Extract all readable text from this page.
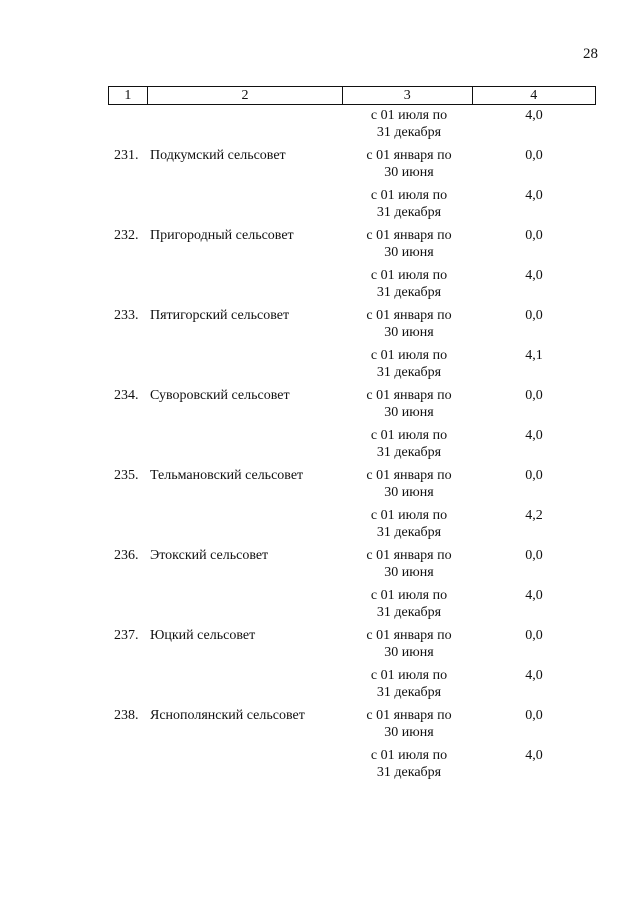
28
1	2	3	4
с 01 июля по	4,0
31 декабря
231. Подкумский сельсовет	с 01 января по	0,0
30 июня
с 01 июля по	4,0
31 декабря
232. Пригородный сельсовет	с 01 января по	0,0
30 июня
с 01 июля по	4,0
31 декабря
233. Пятигорский сельсовет	с 01 января по	0,0
30 июня
с 01 июля по	4,1
31 декабря
234. Суворовский сельсовет	с 01 января по	0,0
30 июня
с 01 июля по	4,0
31 декабря
235. Тельмановский сельсовет	с 01 января по	0,0
30 июня
с 01 июля по	4,2
31 декабря
236. Этокский сельсовет	с 01 января по	0,0
30 июня
с 01 июля по	4,0
31 декабря
237. Юцкий сельсовет	с 01 января по	0,0
30 июня
с 01 июля по	4,0
31 декабря
238. Яснополянский сельсовет	с 01 января по	0,0
30 июня
с 01 июля по	4,0
31 декабря
